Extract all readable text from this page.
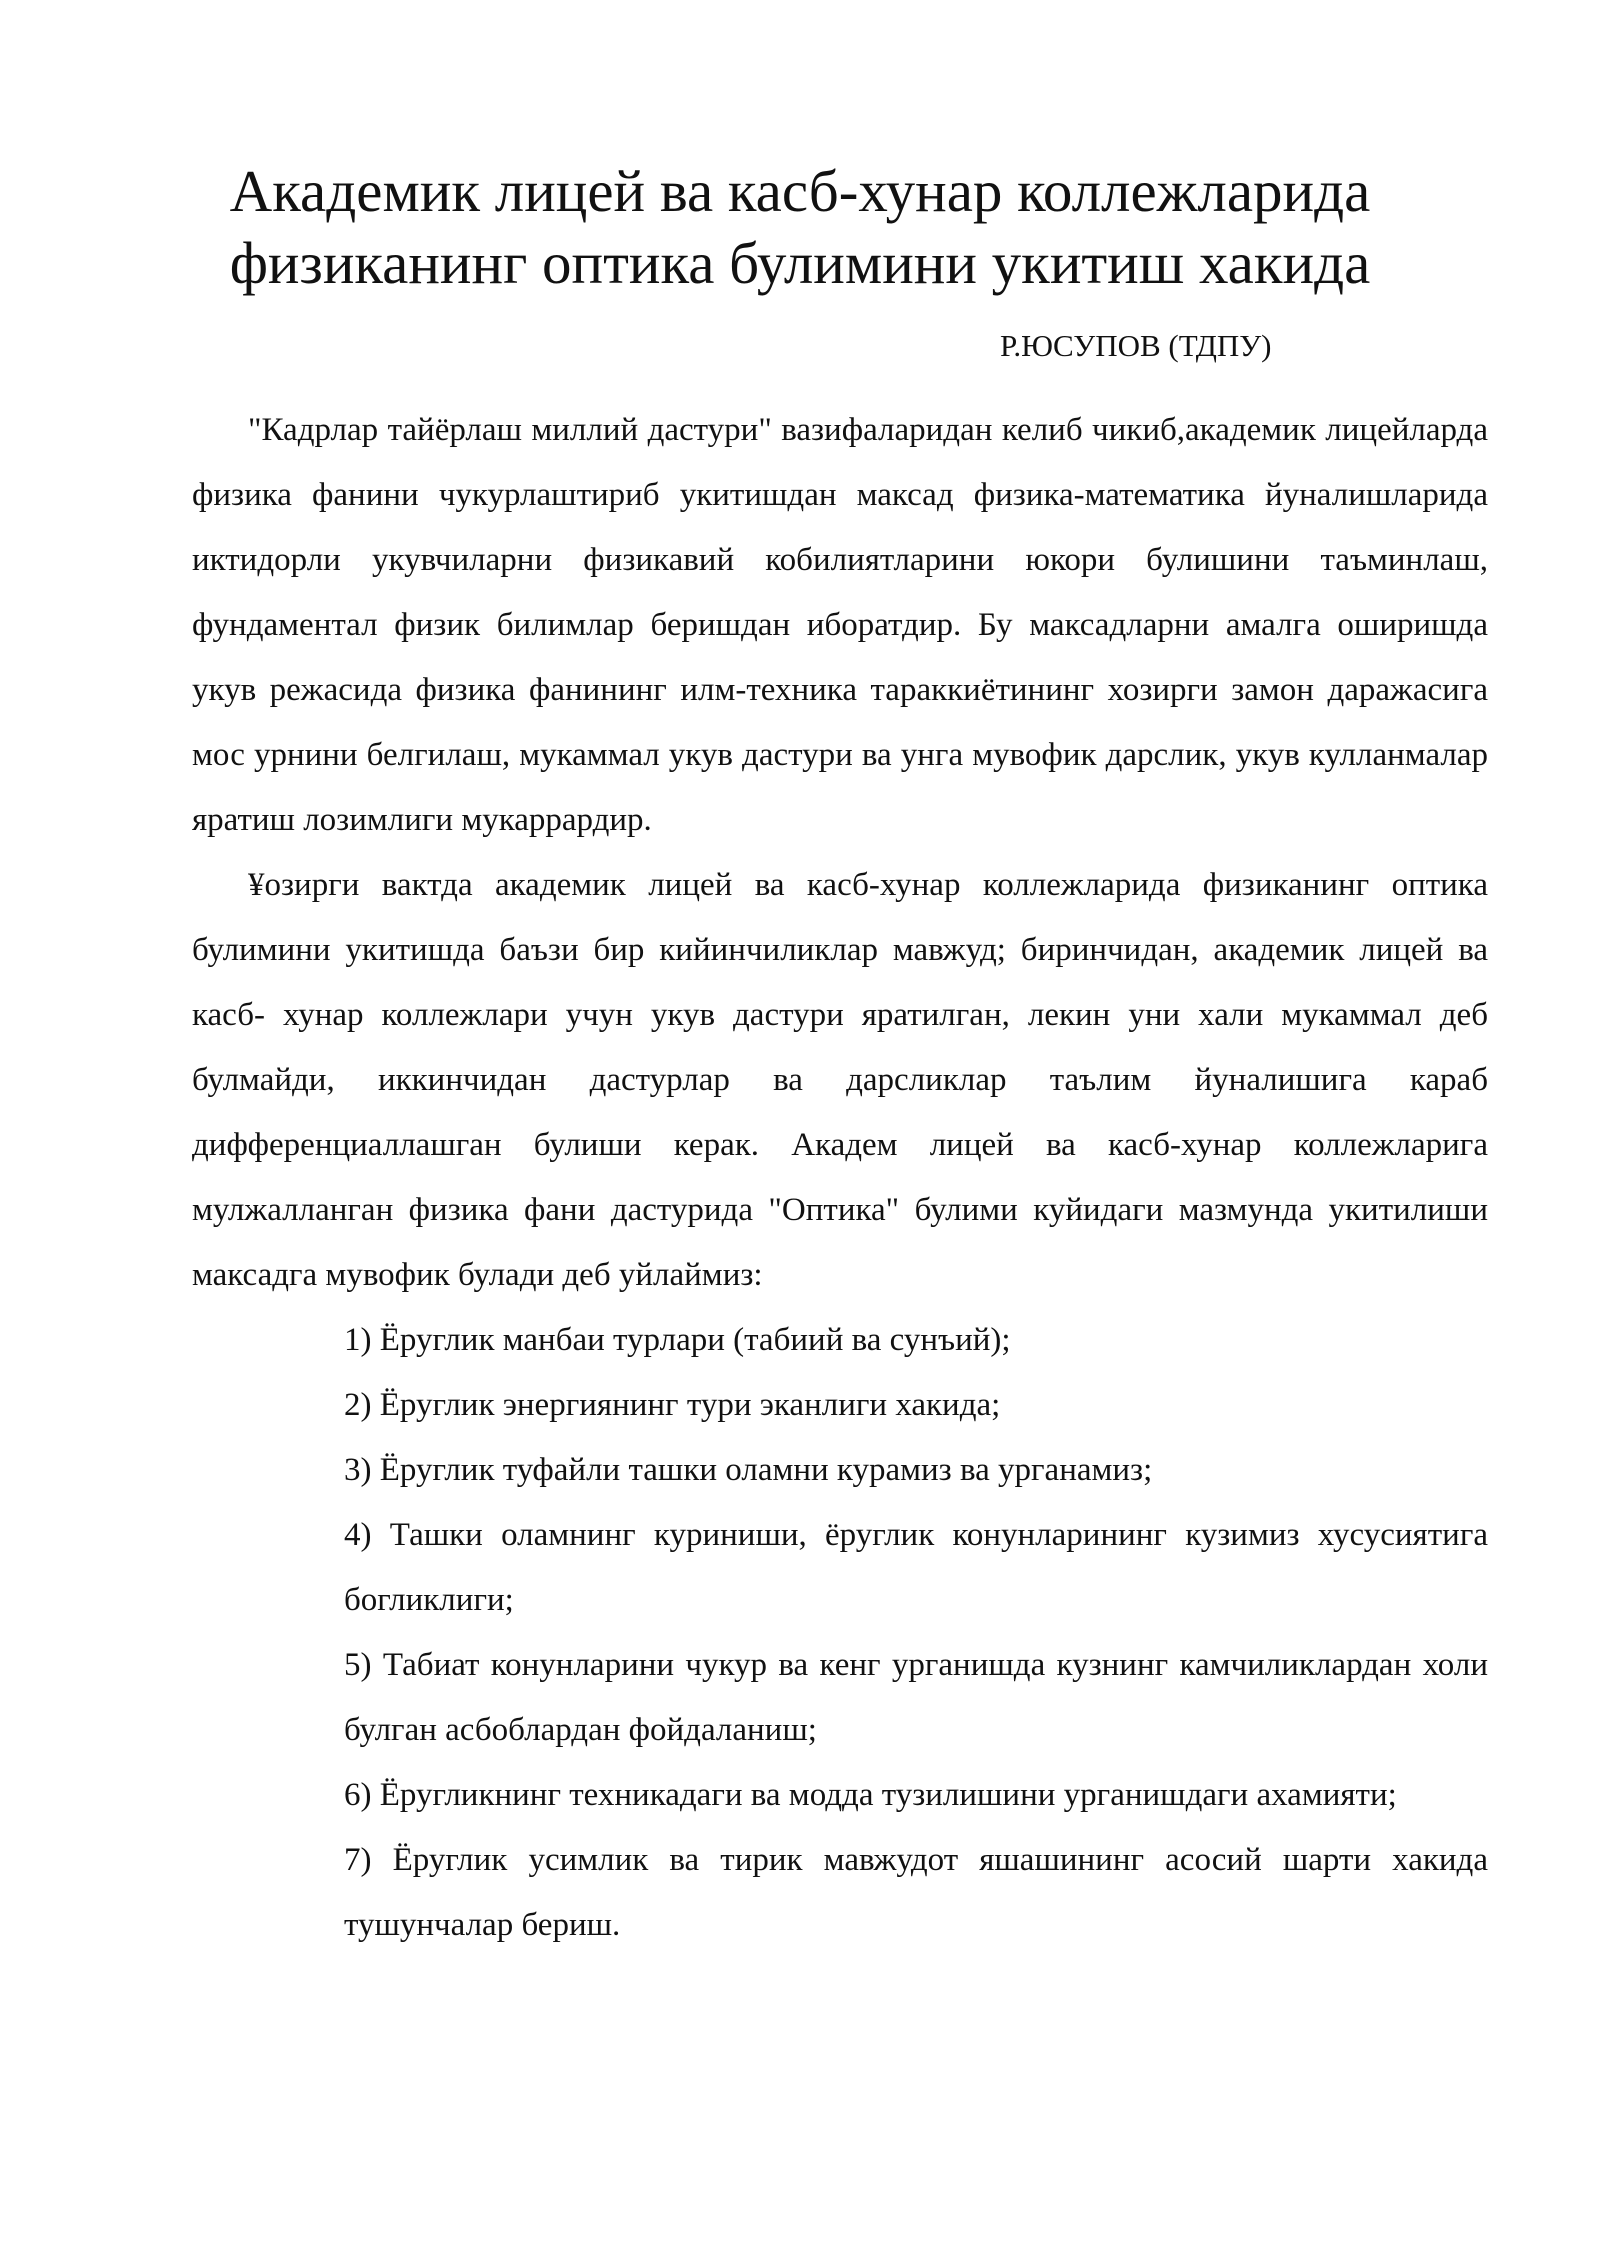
Академик лицей ва касб-хунар коллежларида
физиканинг оптика булимини укитиш хакида
Р.ЮСУПОВ (ТДПУ)

"Кадрлар тайёрлаш миллий дастури" вазифаларидан келиб чикиб,академик лицейларда физика фанини чукурлаштириб укитишдан максад физика-математика йуналишларида иктидорли укувчиларни физикавий кобилиятларини юкори булишини таъминлаш, фундаментал физик билимлар беришдан иборатдир. Бу максадларни амалга оширишда укув режасида физика фанининг илм-техника тараккиётининг хозирги замон даражасига мос урнини белгилаш, мукаммал укув дастури ва унга мувофик дарслик, укув кулланмалар яратиш лозимлиги мукаррардир.

¥озирги вактда академик лицей ва касб-хунар коллежларида физиканинг оптика булимини укитишда баъзи бир кийинчиликлар мавжуд; биринчидан, академик лицей ва касб- хунар коллежлари учун укув дастури яратилган, лекин уни хали мукаммал деб булмайди, иккинчидан дастурлар ва дарсликлар таълим йуналишига караб дифференциаллашган булиши керак. Академ лицей ва касб-хунар коллежларига мулжалланган физика фани дастурида "Оптика" булими куйидаги мазмунда укитилиши максадга мувофик булади деб уйлаймиз:

1) Ёруглик манбаи турлари (табиий ва сунъий);
2) Ёруглик энергиянинг тури эканлиги хакида;
3) Ёруглик туфайли ташки оламни курамиз ва урганамиз;
4) Ташки оламнинг куриниши, ёруглик конунларининг кузимиз хусусиятига богликлиги;
5) Табиат конунларини чукур ва кенг урганишда кузнинг камчиликлардан холи булган асбоблардан фойдаланиш;
6) Ёругликнинг техникадаги ва модда тузилишини урганишдаги ахамияти;
7) Ёруглик усимлик ва тирик мавжудот яшашининг асосий шарти хакида тушунчалар бериш.
